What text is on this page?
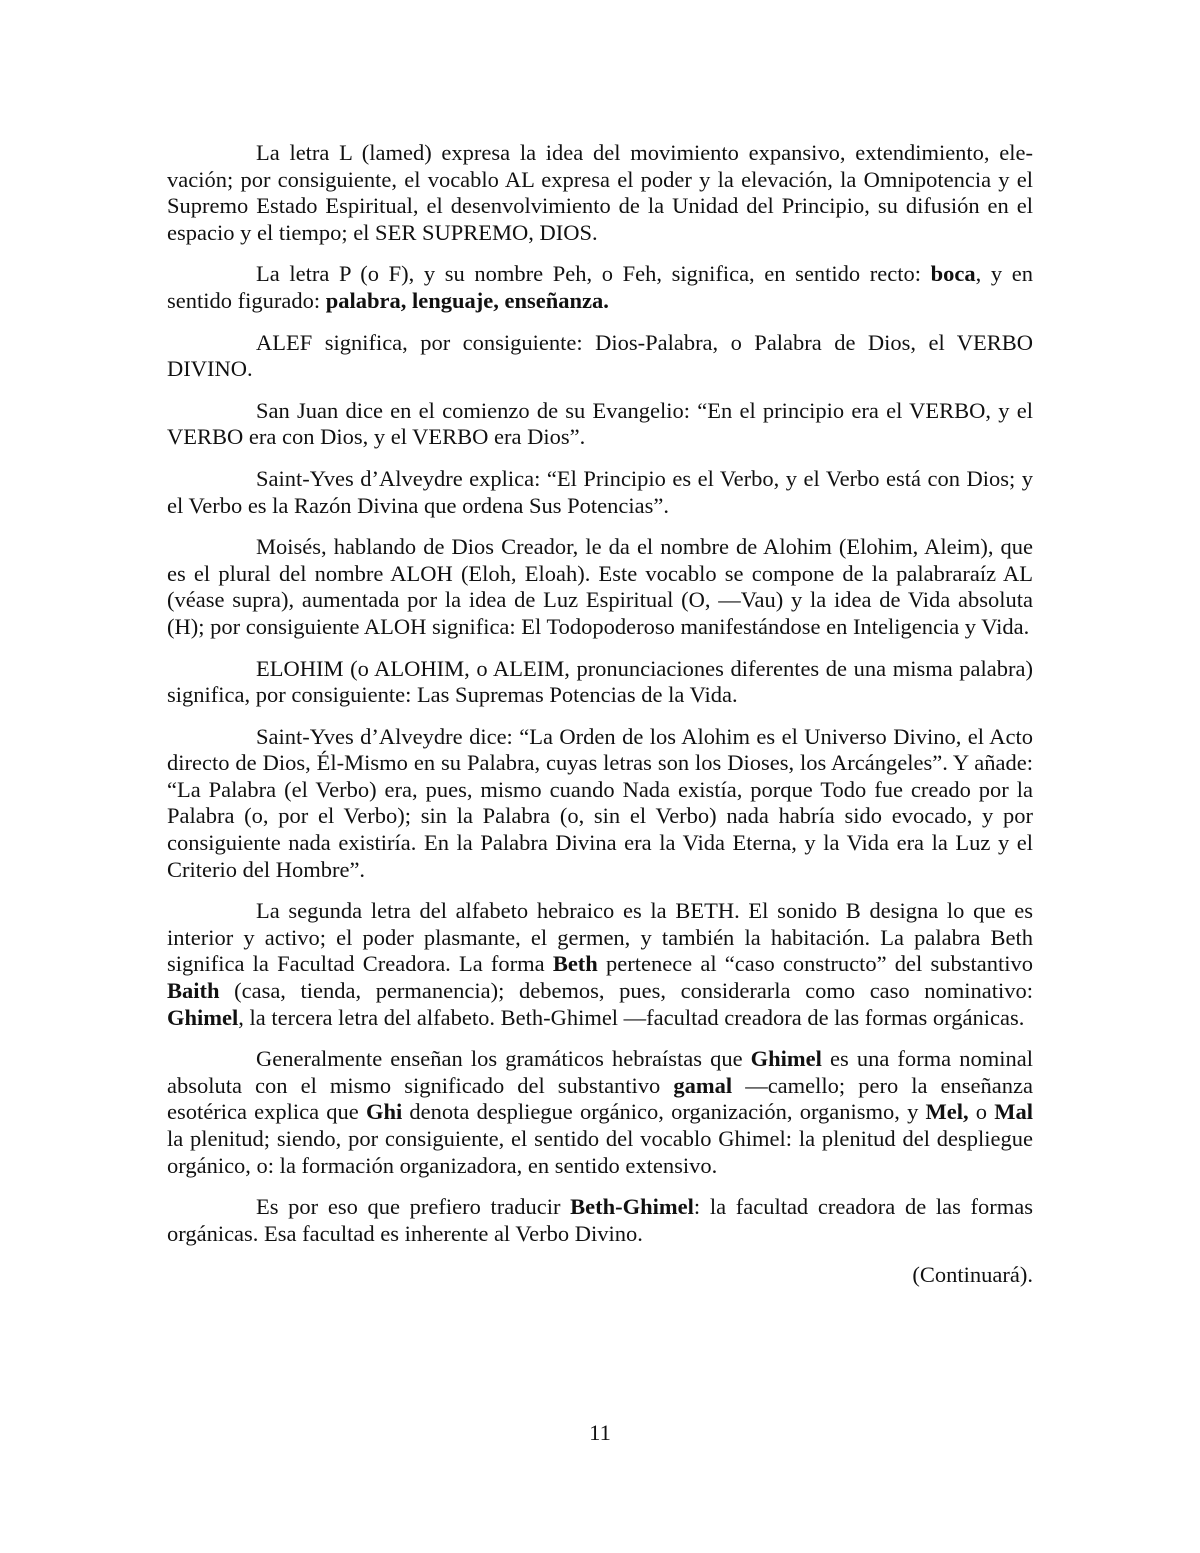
La letra L (lamed) expresa la idea del movimiento expansivo, extendimiento, elevación; por consiguiente, el vocablo AL expresa el poder y la elevación, la Omnipotencia y el Supremo Estado Espiritual, el desenvolvimiento de la Unidad del Principio, su difusión en el espacio y el tiempo; el SER SUPREMO, DIOS.

La letra P (o F), y su nombre Peh, o Feh, significa, en sentido recto: boca, y en sentido figurado: palabra, lenguaje, enseñanza.

ALEF significa, por consiguiente: Dios-Palabra, o Palabra de Dios, el VERBO DIVINO.

San Juan dice en el comienzo de su Evangelio: “En el principio era el VERBO, y el VERBO era con Dios, y el VERBO era Dios”.

Saint-Yves d’Alveydre explica: “El Principio es el Verbo, y el Verbo está con Dios; y el Verbo es la Razón Divina que ordena Sus Potencias”.

Moisés, hablando de Dios Creador, le da el nombre de Alohim (Elohim, Aleim), que es el plural del nombre ALOH (Eloh, Eloah). Este vocablo se compone de la palabraraíz AL (véase supra), aumentada por la idea de Luz Espiritual (O, —Vau) y la idea de Vida absoluta (H); por consiguiente ALOH significa: El Todopoderoso manifestándose en Inteligencia y Vida.

ELOHIM (o ALOHIM, o ALEIM, pronunciaciones diferentes de una misma palabra) significa, por consiguiente: Las Supremas Potencias de la Vida.

Saint-Yves d’Alveydre dice: “La Orden de los Alohim es el Universo Divino, el Acto directo de Dios, Él-Mismo en su Palabra, cuyas letras son los Dioses, los Arcángeles”. Y añade: “La Palabra (el Verbo) era, pues, mismo cuando Nada existía, porque Todo fue creado por la Palabra (o, por el Verbo); sin la Palabra (o, sin el Verbo) nada habría sido evocado, y por consiguiente nada existiría. En la Palabra Divina era la Vida Eterna, y la Vida era la Luz y el Criterio del Hombre”.

La segunda letra del alfabeto hebraico es la BETH. El sonido B designa lo que es interior y activo; el poder plasmante, el germen, y también la habitación. La palabra Beth significa la Facultad Creadora. La forma Beth pertenece al “caso constructo” del substantivo Baith (casa, tienda, permanencia); debemos, pues, considerarla como caso nominativo: Ghimel, la tercera letra del alfabeto. Beth-Ghimel —facultad creadora de las formas orgánicas.

Generalmente enseñan los gramáticos hebraístas que Ghimel es una forma nominal absoluta con el mismo significado del substantivo gamal —camello; pero la enseñanza esotérica explica que Ghi denota despliegue orgánico, organización, organismo, y Mel, o Mal la plenitud; siendo, por consiguiente, el sentido del vocablo Ghimel: la plenitud del despliegue orgánico, o: la formación organizadora, en sentido extensivo.

Es por eso que prefiero traducir Beth-Ghimel: la facultad creadora de las formas orgánicas. Esa facultad es inherente al Verbo Divino.

(Continuará).

11
